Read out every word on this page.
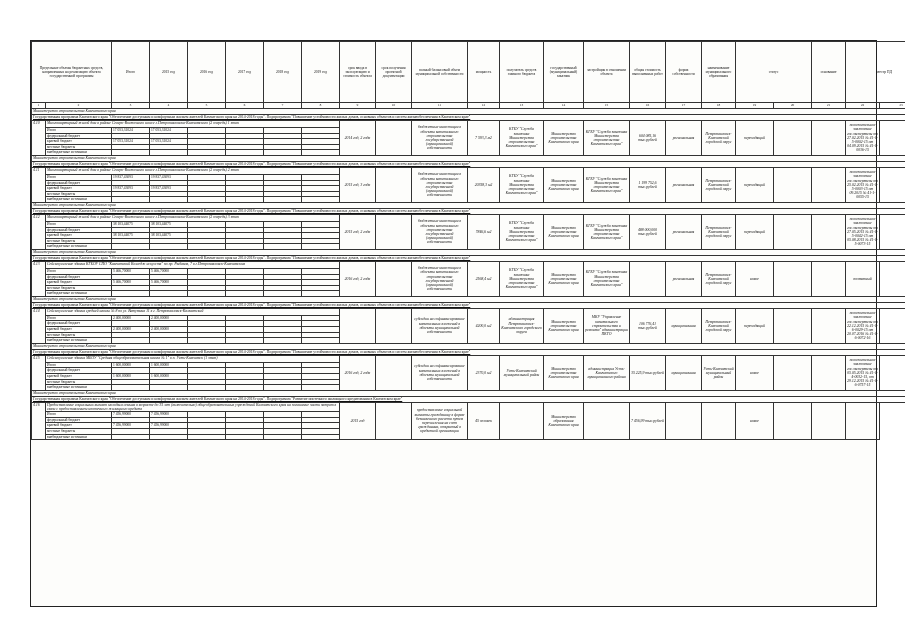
Предельные объемы бюджетных средств, направленных на реализацию объекта государственной программы		Итого	2015 год	2016 год	2017 год	2018 год	2019 год	срок ввода в эксплуатацию и стоимость объекта	срок получения проектной документации	полный балансовый объем муниципальной собственности	мощность	получатель средств главного бюджета	государственный (муниципальный) заказчик	застройщик в отношении объекта	общая стоимость выполненных работ	форма собственности	наименование муниципального образования	статус		основание	реестр ПД	
1	2	3	4	5	6	7	8	9	10	11	12	13	14	15	16	17	18	19	20	21	22	23
Министерство строительства Камчатского края																						
Государственная программа Камчатского края "Обеспечение доступным и комфортным жильем жителей Камчатского края на 2014-2018 годы". Подпрограмма "Повышение устойчивости жилых домов, основных объектов и систем жизнеобеспечения в Камчатском крае"																						
4.10	Многоквартирный жилой дом в районе Северо-Восточного шоссе г.Петропавловска-Камчатского (2 очередь) 1 этап							2014 год, 2 года		бюджетные инвестиции в объекты капитального строительства государственной (муниципальной) собственности	7 593,3 м2	КГБУ "Служба заказчика Министерства строительства Камчатского края"	Министерство строительства Камчатского края	КГБУ "Служба заказчика Министерства строительства Камчатского края"	604 085,16 тыс.рублей	региональная	Петропавловск-Камчатский городской округ	переходящий			положительное заключение гос.экспертизы от 27.02.2015 № 41-1-5-0002-15 от 04.09.2015 № 41-1-0036-15	
	Итого	17 053,31024	17 053,31024																			
	федеральный бюджет																					
	краевой бюджет	17 053,31024	17 053,31024																			
	местные бюджеты																					
	внебюджетные источники																					
Министерство строительства Камчатского края																						
Государственная программа Камчатского края "Обеспечение доступным и комфортным жильем жителей Камчатского края на 2014-2018 годы". Подпрограмма "Повышение устойчивости жилых домов, основных объектов и систем жизнеобеспечения в Камчатском крае"																						
4.11	Многоквартирный жилой дом в районе Северо-Восточного шоссе г.Петропавловска-Камчатского (2 очередь) 2 этап							2015 год, 3 года		бюджетные инвестиции в объекты капитального строительства государственной (муниципальной) собственности	20358,3 м2	КГБУ "Служба заказчика Министерства строительства Камчатского края"	Министерство строительства Камчатского края	КГБУ "Служба заказчика Министерства строительства Камчатского края"	1 199 752,6 тыс.рублей	региональная	Петропавловск-Камчатский городской округ	переходящий			положительное заключение гос.экспертизы от 25.02.2015 № 41-1-5-0003-15 от 09.2015 № 41-1-0055-15	
	Итого	19 837,43093	19 837,43093																			
	федеральный бюджет																					
	краевой бюджет	19 837,43093	19 837,43093																			
	местные бюджеты																					
	внебюджетные источники																					
Министерство строительства Камчатского края																						
Государственная программа Камчатского края "Обеспечение доступным и комфортным жильем жителей Камчатского края на 2014-2018 годы". Подпрограмма "Повышение устойчивости жилых домов, основных объектов и систем жизнеобеспечения в Камчатском крае"																						
4.12	Многоквартирный жилой дом в районе Северо-Восточного шоссе г.Петропавловска-Камчатского (2 очередь) 3 этап							2015 год, 2 года		бюджетные инвестиции в объекты капитального строительства государственной (муниципальной) собственности	7846,6 м2	КГБУ "Служба заказчика Министерства строительства Камчатского края"	Министерство строительства Камчатского края	КГБУ "Служба заказчика Министерства строительства Камчатского края"	488 000,000 тыс.рублей	региональная	Петропавловск-Камчатский городской округ	переходящий			положительное заключение гос.экспертизы от 27.05.2015 № 41-1-5-0042-15 от 05.08.2015 № 41-1-5-0073-15	
	Итого	38 103,44075	38 103,44075																			
	федеральный бюджет																					
	краевой бюджет	38 103,44075	38 103,44075																			
	местные бюджеты																					
	внебюджетные источники																					
Министерство строительства Камчатского края																						
Государственная программа Камчатского края "Обеспечение доступным и комфортным жильем жителей Камчатского края на 2014-2018 годы". Подпрограмма "Повышение устойчивости жилых домов, основных объектов и систем жизнеобеспечения в Камчатском крае"																						
4.13	Сейсмоусиление здания КГБОУ СПО "Камчатский Колледж искусств" по пр. Рыбаков, 7 в г.Петропавловск-Камчатском							2016 год, 2 года		бюджетные инвестиции в объекты капитального строительства государственной (муниципальной) собственности	2568,4 м2	КГБУ "Служба заказчика Министерства строительства Камчатского края"	Министерство строительства Камчатского края	КГБУ "Служба заказчика Министерства строительства Камчатского края"		региональная	Петропавловск-Камчатский городской округ	новое			поэтапный	
	Итого	5 466,70000	5 466,70000																			
	федеральный бюджет																					
	краевой бюджет	5 466,70000	5 466,70000																			
	местные бюджеты																					
	внебюджетные источники																					
Министерство строительства Камчатского края																						
Государственная программа Камчатского края "Обеспечение доступным и комфортным жильем жителей Камчатского края на 2014-2018 годы". Подпрограмма "Повышение устойчивости жилых домов, основных объектов и систем жизнеобеспечения в Камчатском крае"																						
4.14	Сейсмоусиление здания средней школы № 8 по ул. Ватутина 11 в г. Петропавловск-Камчатский									субсидии на софинансирование капитальных вложений в объекты муниципальной собственности	4200,0 м2	администрация Петропавловск-Камчатского городского округа	Министерство строительства Камчатского края	МКУ "Управление капитального строительства и ремонта" администрации ПКГО	106 776,41 тыс.рублей	муниципальная	Петропавловск-Камчатский городской округ	переходящий			положительное заключение гос.экспертизы от 22.12.2015 № 41-1-6-0029-15 от 20.07.2016 № 41-1-6-0072-16	
	Итого	2 400,00000	2 400,00000																			
	федеральный бюджет																					
	краевой бюджет	2 400,00000	2 400,00000																			
	местные бюджеты																					
	внебюджетные источники																					
Министерство строительства Камчатского края																						
Государственная программа Камчатского края "Обеспечение доступным и комфортным жильем жителей Камчатского края на 2014-2018 годы". Подпрограмма "Повышение устойчивости жилых домов, основных объектов и систем жизнеобеспечения в Камчатском крае"																						
4.15	Сейсмоусиление здания МБОУ "Средняя общеобразовательная школа № 1" в п. Усть-Камчатск (1 этап)							2016 год, 2 года		субсидии на софинансирование капитальных вложений в объекты муниципальной собственности	2370,0 м2	Усть-Камчатский муниципальный район	Министерство строительства Камчатского края	администрация Усть-Камчатского муниципального района	35 225,9 тыс.рублей	муниципальная	Усть-Камчатский муниципальный район	новое			положительное заключение гос.экспертизы от 05.05.2015 № 41-1-4-0032-15, от 29.12.2015 № 41-1-6-0757-15	
	Итого	1 600,00000	1 600,00000																			
	федеральный бюджет																					
	краевой бюджет	1 600,00000	1 600,00000																			
	местные бюджеты																					
	внебюджетные источники																					
Министерство строительства Камчатского края																						
Государственная программа Камчатского края "Обеспечение доступным и комфортным жильем жителей Камчатского края на 2014-2018 годы". Подпрограмма "Развитие ипотечного жилищного кредитования в Камчатском крае"																						
4.16	Предоставление социальных выплат молодым семьям в возрасте до 35 лет (включительно) общеобразовательных учреждений Камчатского края на погашение части затрат в связи с предоставлением ипотечного жилищного кредита							2015 год		предоставление социальной выплаты гражданину в форме безналичного расчета путем перечисления на счет гражданина, открытый в кредитной организации	45 человек		Министерство образования Камчатского края		7 456,99 тыс.рублей			новое				
	Итого	7 456,99000	7 456,99000																			
	федеральный бюджет																					
	краевой бюджет	7 456,99000	7 456,99000																			
	местные бюджеты																					
	внебюджетные источники																					
